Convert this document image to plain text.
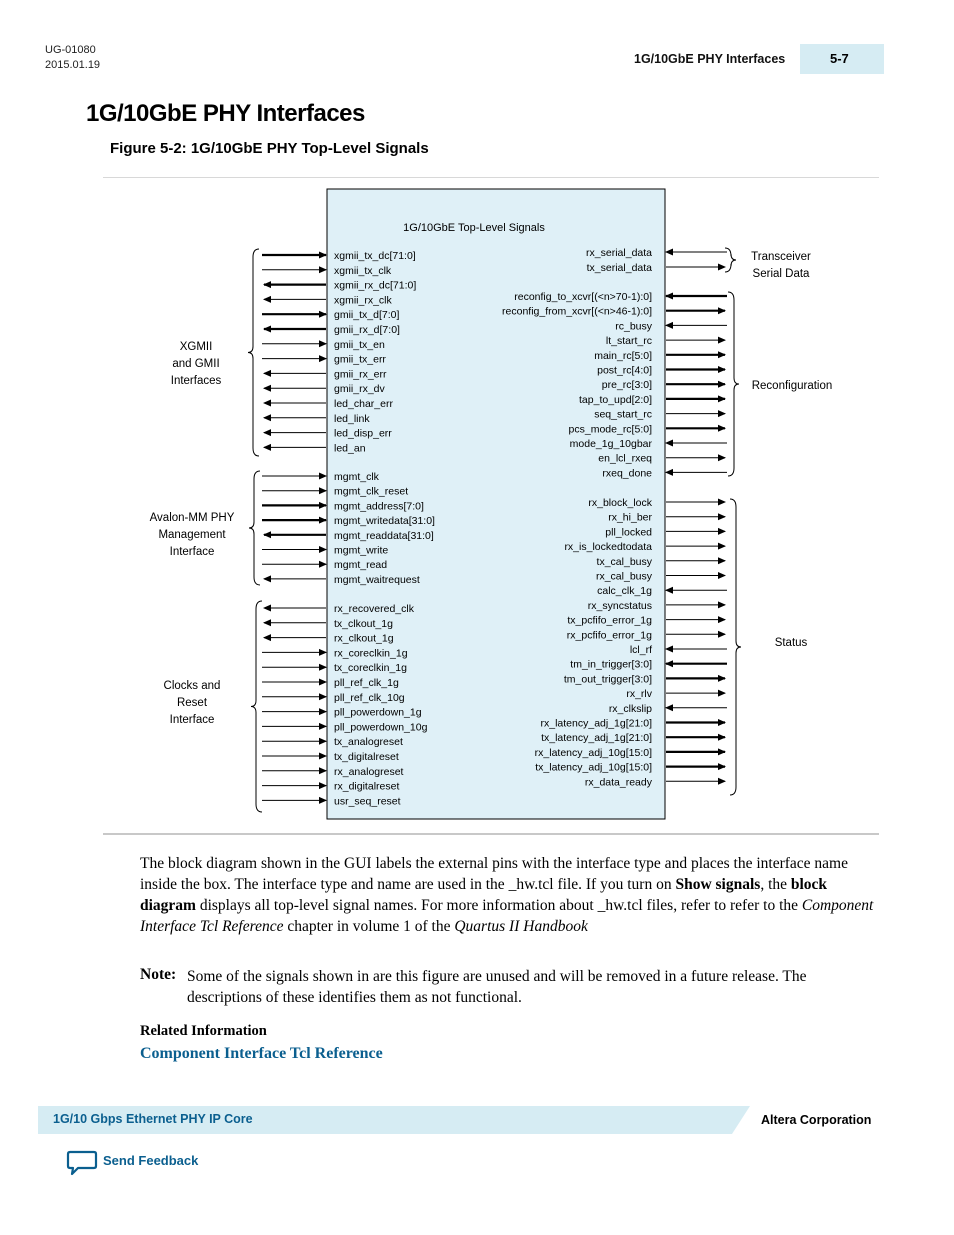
UG-01080
2015.01.19	1G/10GbE PHY Interfaces	5-7
1G/10GbE PHY Interfaces
Figure 5-2: 1G/10GbE PHY Top-Level Signals
1G/10GbE Top-Level Signals
xgmii_tx_dc[71:0]
xgmii_tx_clk
xgmii_rx_dc[71:0]
xgmii_rx_clk
gmii_tx_d[7:0]
gmii_rx_d[7:0]
gmii_tx_en
gmii_tx_err
gmii_rx_err
gmii_rx_dv
led_char_err
led_link
led_disp_err
led_an
mgmt_clk
mgmt_clk_reset
mgmt_address[7:0]
mgmt_writedata[31:0]
mgmt_readdata[31:0]
mgmt_write
mgmt_read
mgmt_waitrequest
rx_recovered_clk
tx_clkout_1g
rx_clkout_1g
rx_coreclkin_1g
tx_coreclkin_1g
pll_ref_clk_1g
pll_ref_clk_10g
pll_powerdown_1g
pll_powerdown_10g
tx_analogreset
tx_digitalreset
rx_analogreset
rx_digitalreset
usr_seq_reset
rx_serial_data
tx_serial_data
reconfig_to_xcvr[(<n>70-1):0]
reconfig_from_xcvr[(<n>46-1):0]
rc_busy
lt_start_rc
main_rc[5:0]
post_rc[4:0]
pre_rc[3:0]
tap_to_upd[2:0]
seq_start_rc
pcs_mode_rc[5:0]
mode_1g_10gbar
en_lcl_rxeq
rxeq_done
rx_block_lock
rx_hi_ber
pll_locked
rx_is_lockedtodata
tx_cal_busy
rx_cal_busy
calc_clk_1g
rx_syncstatus
tx_pcfifo_error_1g
rx_pcfifo_error_1g
lcl_rf
tm_in_trigger[3:0]
tm_out_trigger[3:0]
rx_rlv
rx_clkslip
rx_latency_adj_1g[21:0]
tx_latency_adj_1g[21:0]
rx_latency_adj_10g[15:0]
tx_latency_adj_10g[15:0]
rx_data_ready
XGMII
and GMII
Interfaces
Avalon-MM PHY
Management
Interface
Clocks and
Reset
Interface
Transceiver
Serial Data
Reconfiguration
Status
The block diagram shown in the GUI labels the external pins with the interface type and places the interface name inside the box. The interface type and name are used in the _hw.tcl file. If you turn on Show signals, the block diagram displays all top-level signal names. For more information about _hw.tcl files, refer to refer to the Component Interface Tcl Reference chapter in volume 1 of the Quartus II Handbook
Note: Some of the signals shown in are this figure are unused and will be removed in a future release. The descriptions of these identifies them as not functional.
Related Information
Component Interface Tcl Reference
1G/10 Gbps Ethernet PHY IP Core	Altera Corporation
Send Feedback
